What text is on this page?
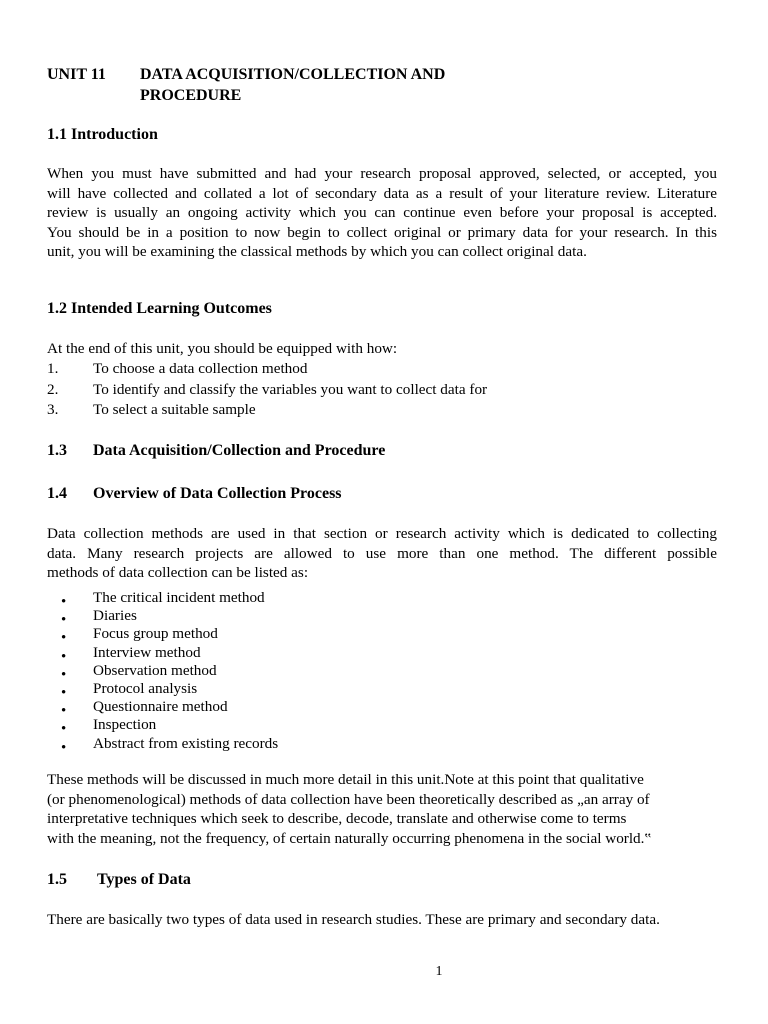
UNIT 11 DATA ACQUISITION/COLLECTION AND
PROCEDURE
1.1 Introduction
When you must have submitted and had your research proposal approved, selected, or accepted, you
will have collected and collated a lot of secondary data as a result of your literature review. Literature
review is usually an ongoing activity which you can continue even before your proposal is accepted.
You should be in a position to now begin to collect original or primary data for your research. In this
unit, you will be examining the classical methods by which you can collect original data.
1.2 Intended Learning Outcomes
At the end of this unit, you should be equipped with how:
1. To choose a data collection method
2. To identify and classify the variables you want to collect data for
3. To select a suitable sample
1.3 Data Acquisition/Collection and Procedure
1.4 Overview of Data Collection Process
Data collection methods are used in that section or research activity which is dedicated to collecting
data. Many research projects are allowed to use more than one method. The different possible
methods of data collection can be listed as:
• The critical incident method
• Diaries
• Focus group method
• Interview method
• Observation method
• Protocol analysis
• Questionnaire method
• Inspection
• Abstract from existing records
These methods will be discussed in much more detail in this unit.Note at this point that qualitative
(or phenomenological) methods of data collection have been theoretically described as „an array of
interpretative techniques which seek to describe, decode, translate and otherwise come to terms
with the meaning, not the frequency, of certain naturally occurring phenomena in the social world.‟
1.5 Types of Data
There are basically two types of data used in research studies. These are primary and secondary data.
1
